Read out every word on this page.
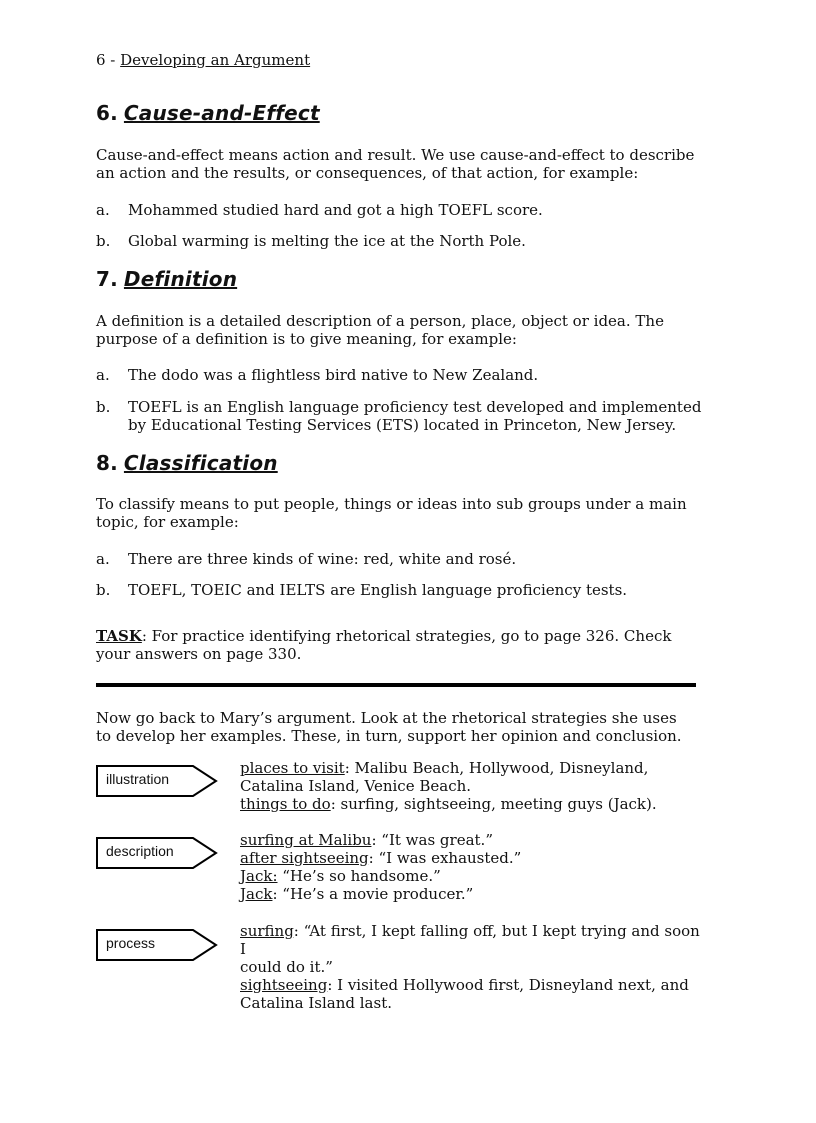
6 - Developing an Argument
6. Cause-and-Effect
Cause-and-effect means action and result. We use cause-and-effect to describe an action and the results, or consequences, of that action, for example:
a. Mohammed studied hard and got a high TOEFL score.
b. Global warming is melting the ice at the North Pole.
7. Definition
A definition is a detailed description of a person, place, object or idea. The purpose of a definition is to give meaning, for example:
a. The dodo was a flightless bird native to New Zealand.
b. TOEFL is an English language proficiency test developed and implemented by Educational Testing Services (ETS) located in Princeton, New Jersey.
8. Classification
To classify means to put people, things or ideas into sub groups under a main topic, for example:
a. There are three kinds of wine: red, white and rosé.
b. TOEFL, TOEIC and IELTS are English language proficiency tests.
TASK: For practice identifying rhetorical strategies, go to page 326. Check your answers on page 330.
Now go back to Mary’s argument. Look at the rhetorical strategies she uses to develop her examples. These, in turn, support her opinion and conclusion.
illustration
places to visit: Malibu Beach, Hollywood, Disneyland,
Catalina Island, Venice Beach.
things to do: surfing, sightseeing, meeting guys (Jack).
description
surfing at Malibu: “It was great.”
after sightseeing: “I was exhausted.”
Jack: “He’s so handsome.”
Jack: “He’s a movie producer.”
process
surfing: “At first, I kept falling off, but I kept trying and soon I
could do it.”
sightseeing: I visited Hollywood first, Disneyland next, and
Catalina Island last.
